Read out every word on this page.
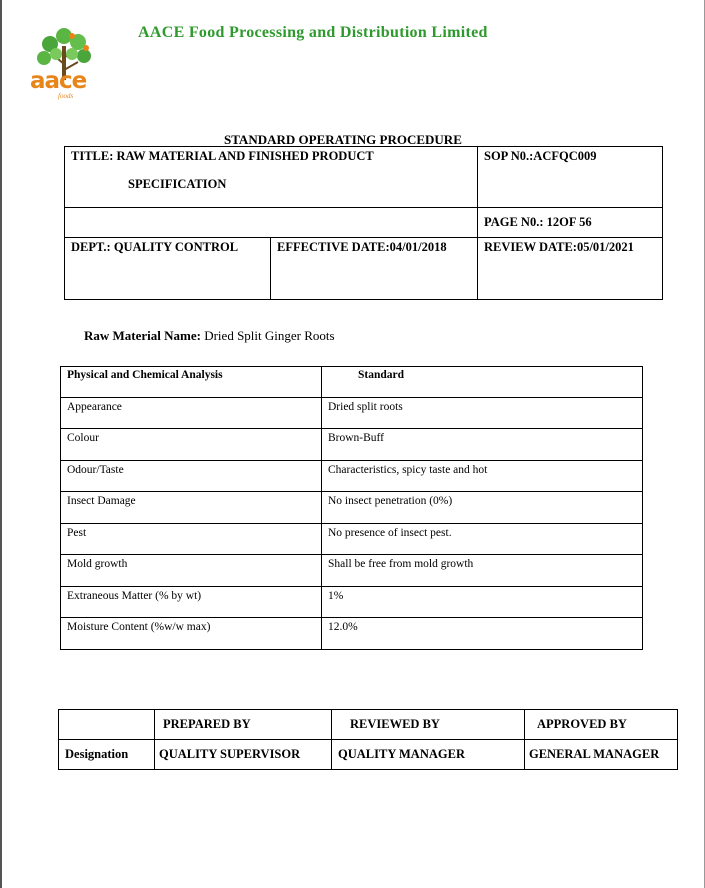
aace
foods
AACE Food Processing and Distribution Limited
STANDARD OPERATING PROCEDURE
TITLE: RAW MATERIAL AND FINISHED PRODUCT
SPECIFICATION		SOP N0.:ACFQC009

		PAGE N0.: 12OF 56
DEPT.: QUALITY CONTROL	EFFECTIVE DATE:04/01/2018	REVIEW DATE:05/01/2021
Raw Material Name: Dried Split Ginger Roots
Physical and Chemical Analysis	Standard
Appearance	Dried split roots
Colour	Brown-Buff
Odour/Taste	Characteristics, spicy taste and hot
Insect Damage	No insect penetration (0%)
Pest	No presence of insect pest.
Mold growth	Shall be free from mold growth
Extraneous Matter (% by wt)	1%
Moisture Content (%w/w max)	12.0%
	PREPARED BY	REVIEWED BY	APPROVED BY
Designation	QUALITY SUPERVISOR	QUALITY MANAGER	GENERAL MANAGER
